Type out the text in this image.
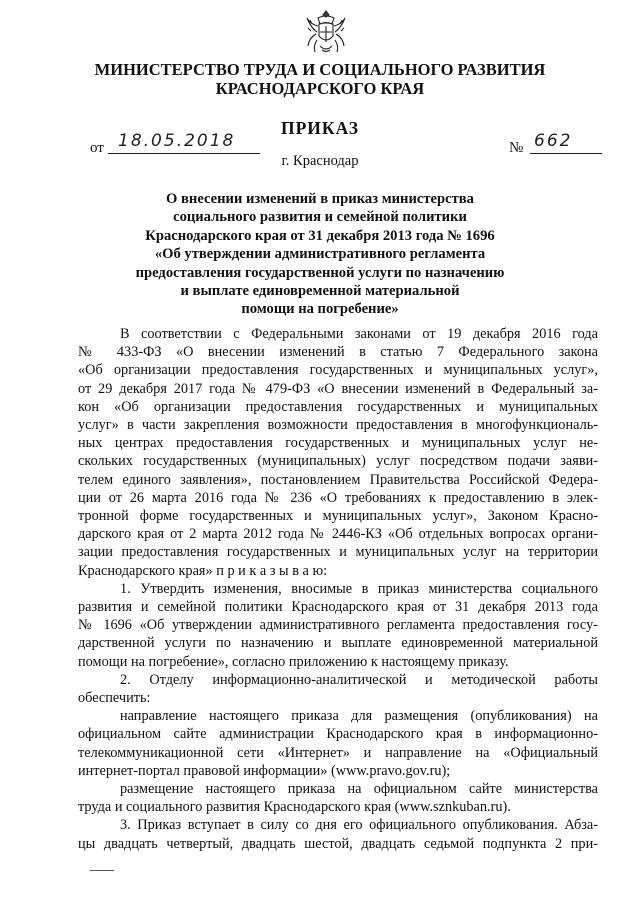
МИНИСТЕРСТВО ТРУДА И СОЦИАЛЬНОГО РАЗВИТИЯ
КРАСНОДАРСКОГО КРАЯ
ПРИКАЗ
от 18.05.2018	№ 662
г. Краснодар
О внесении изменений в приказ министерства
социального развития и семейной политики
Краснодарского края от 31 декабря 2013 года № 1696
«Об утверждении административного регламента
предоставления государственной услуги по назначению
и выплате единовременной материальной
помощи на погребение»
В соответствии с Федеральными законами от 19 декабря 2016 года
№ 433-ФЗ «О внесении изменений в статью 7 Федерального закона
«Об организации предоставления государственных и муниципальных услуг»,
от 29 декабря 2017 года № 479-ФЗ «О внесении изменений в Федеральный за-
кон «Об организации предоставления государственных и муниципальных
услуг» в части закрепления возможности предоставления в многофункциональ-
ных центрах предоставления государственных и муниципальных услуг не-
скольких государственных (муниципальных) услуг посредством подачи заяви-
телем единого заявления», постановлением Правительства Российской Федера-
ции от 26 марта 2016 года № 236 «О требованиях к предоставлению в элек-
тронной форме государственных и муниципальных услуг», Законом Красно-
дарского края от 2 марта 2012 года № 2446-КЗ «Об отдельных вопросах органи-
зации предоставления государственных и муниципальных услуг на территории
Краснодарского края» п р и к а з ы в а ю:
1. Утвердить изменения, вносимые в приказ министерства социального
развития и семейной политики Краснодарского края от 31 декабря 2013 года
№ 1696 «Об утверждении административного регламента предоставления госу-
дарственной услуги по назначению и выплате единовременной материальной
помощи на погребение», согласно приложению к настоящему приказу.
2. Отделу информационно-аналитической и методической работы
обеспечить:
направление настоящего приказа для размещения (опубликования) на
официальном сайте администрации Краснодарского края в информационно-
телекоммуникационной сети «Интернет» и направление на «Официальный
интернет-портал правовой информации» (www.pravo.gov.ru);
размещение настоящего приказа на официальном сайте министерства
труда и социального развития Краснодарского края (www.sznkuban.ru).
3. Приказ вступает в силу со дня его официального опубликования. Абза-
цы двадцать четвертый, двадцать шестой, двадцать седьмой подпункта 2 при-
